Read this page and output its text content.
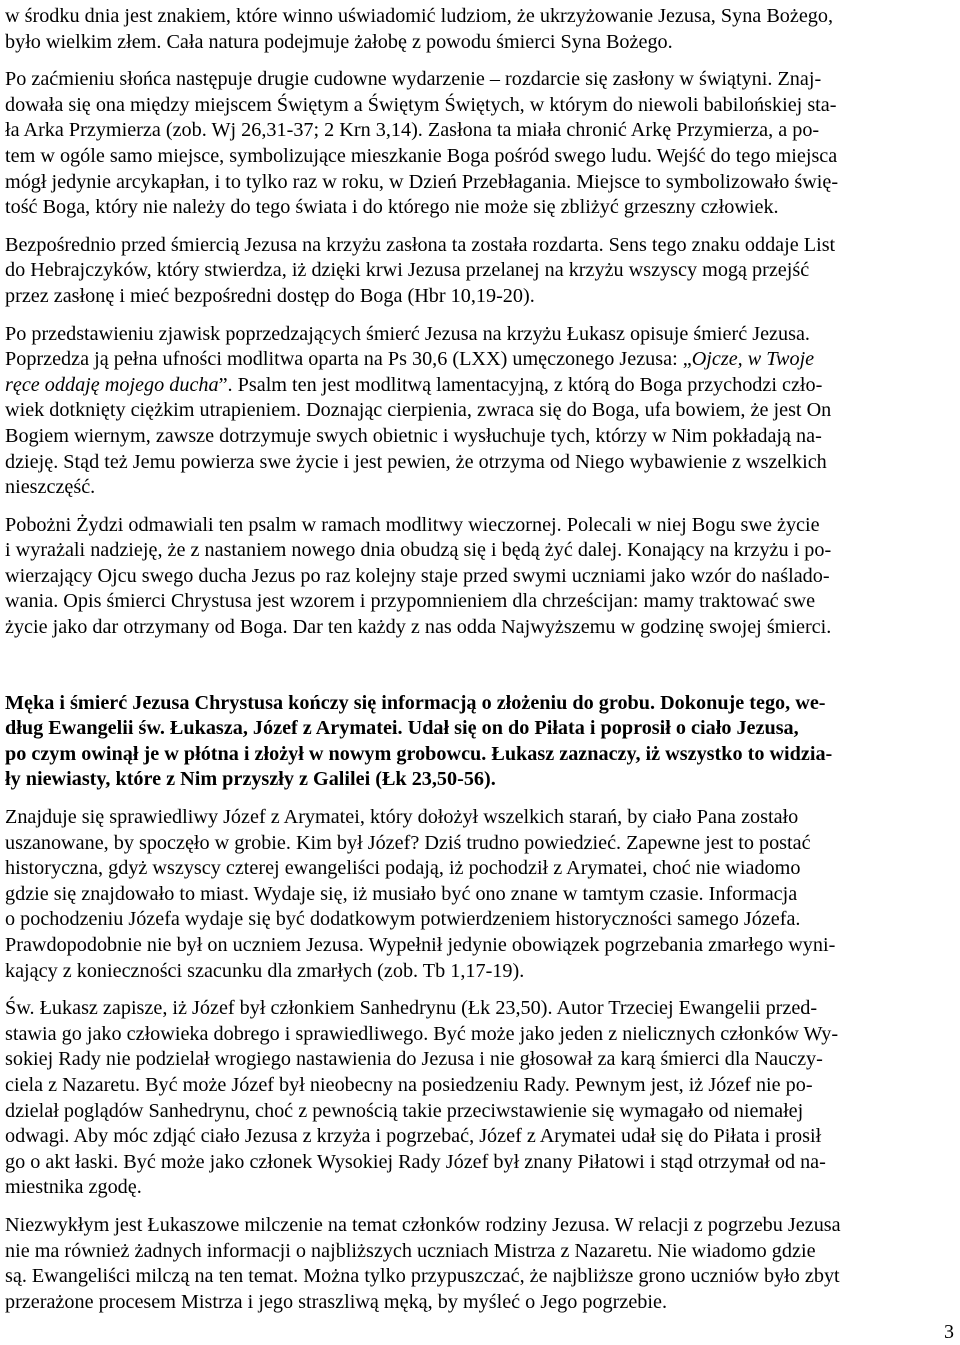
w środku dnia jest znakiem, które winno uświadomić ludziom, że ukrzyżowanie Jezusa, Syna Bożego,
było wielkim złem. Cała natura podejmuje żałobę z powodu śmierci Syna Bożego.

Po zaćmieniu słońca następuje drugie cudowne wydarzenie – rozdarcie się zasłony w świątyni. Znaj-
dowała się ona między miejscem Świętym a Świętym Świętych, w którym do niewoli babilońskiej sta-
ła Arka Przymierza (zob. Wj 26,31-37; 2 Krn 3,14). Zasłona ta miała chronić Arkę Przymierza, a po-
tem w ogóle samo miejsce, symbolizujące mieszkanie Boga pośród swego ludu. Wejść do tego miejsca
mógł jedynie arcykapłan, i to tylko raz w roku, w Dzień Przebłagania. Miejsce to symbolizowało świę-
tość Boga, który nie należy do tego świata i do którego nie może się zbliżyć grzeszny człowiek.

Bezpośrednio przed śmiercią Jezusa na krzyżu zasłona ta została rozdarta. Sens tego znaku oddaje List
do Hebrajczyków, który stwierdza, iż dzięki krwi Jezusa przelanej na krzyżu wszyscy mogą przejść
przez zasłonę i mieć bezpośredni dostęp do Boga (Hbr 10,19-20).

Po przedstawieniu zjawisk poprzedzających śmierć Jezusa na krzyżu Łukasz opisuje śmierć Jezusa.
Poprzedza ją pełna ufności modlitwa oparta na Ps 30,6 (LXX) umęczonego Jezusa: „Ojcze, w Twoje
ręce oddaję mojego ducha”. Psalm ten jest modlitwą lamentacyjną, z którą do Boga przychodzi czło-
wiek dotknięty ciężkim utrapieniem. Doznając cierpienia, zwraca się do Boga, ufa bowiem, że jest On
Bogiem wiernym, zawsze dotrzymuje swych obietnic i wysłuchuje tych, którzy w Nim pokładają na-
dzieję. Stąd też Jemu powierza swe życie i jest pewien, że otrzyma od Niego wybawienie z wszelkich
nieszczęść.

Pobożni Żydzi odmawiali ten psalm w ramach modlitwy wieczornej. Polecali w niej Bogu swe życie
i wyrażali nadzieję, że z nastaniem nowego dnia obudzą się i będą żyć dalej. Konający na krzyżu i po-
wierzający Ojcu swego ducha Jezus po raz kolejny staje przed swymi uczniami jako wzór do naślado-
wania. Opis śmierci Chrystusa jest wzorem i przypomnieniem dla chrześcijan: mamy traktować swe
życie jako dar otrzymany od Boga. Dar ten każdy z nas odda Najwyższemu w godzinę swojej śmierci.

Męka i śmierć Jezusa Chrystusa kończy się informacją o złożeniu do grobu. Dokonuje tego, we-
dług Ewangelii św. Łukasza, Józef z Arymatei. Udał się on do Piłata i poprosił o ciało Jezusa,
po czym owinął je w płótna i złożył w nowym grobowcu. Łukasz zaznaczy, iż wszystko to widzia-
ły niewiasty, które z Nim przyszły z Galilei (Łk 23,50-56).

Znajduje się sprawiedliwy Józef z Arymatei, który dołożył wszelkich starań, by ciało Pana zostało
uszanowane, by spoczęło w grobie. Kim był Józef? Dziś trudno powiedzieć. Zapewne jest to postać
historyczna, gdyż wszyscy czterej ewangeliści podają, iż pochodził z Arymatei, choć nie wiadomo
gdzie się znajdowało to miast. Wydaje się, iż musiało być ono znane w tamtym czasie. Informacja
o pochodzeniu Józefa wydaje się być dodatkowym potwierdzeniem historyczności samego Józefa.
Prawdopodobnie nie był on uczniem Jezusa. Wypełnił jedynie obowiązek pogrzebania zmarłego wyni-
kający z konieczności szacunku dla zmarłych (zob. Tb 1,17-19).

Św. Łukasz zapisze, iż Józef był członkiem Sanhedrynu (Łk 23,50). Autor Trzeciej Ewangelii przed-
stawia go jako człowieka dobrego i sprawiedliwego. Być może jako jeden z nielicznych członków Wy-
sokiej Rady nie podzielał wrogiego nastawienia do Jezusa i nie głosował za karą śmierci dla Nauczy-
ciela z Nazaretu. Być może Józef był nieobecny na posiedzeniu Rady. Pewnym jest, iż Józef nie po-
dzielał poglądów Sanhedrynu, choć z pewnością takie przeciwstawienie się wymagało od niemałej
odwagi. Aby móc zdjąć ciało Jezusa z krzyża i pogrzebać, Józef z Arymatei udał się do Piłata i prosił
go o akt łaski. Być może jako członek Wysokiej Rady Józef był znany Piłatowi i stąd otrzymał od na-
miestnika zgodę.

Niezwykłym jest Łukaszowe milczenie na temat członków rodziny Jezusa. W relacji z pogrzebu Jezusa
nie ma również żadnych informacji o najbliższych uczniach Mistrza z Nazaretu. Nie wiadomo gdzie
są. Ewangeliści milczą na ten temat. Można tylko przypuszczać, że najbliższe grono uczniów było zbyt
przerażone procesem Mistrza i jego straszliwą męką, by myśleć o Jego pogrzebie.

3
